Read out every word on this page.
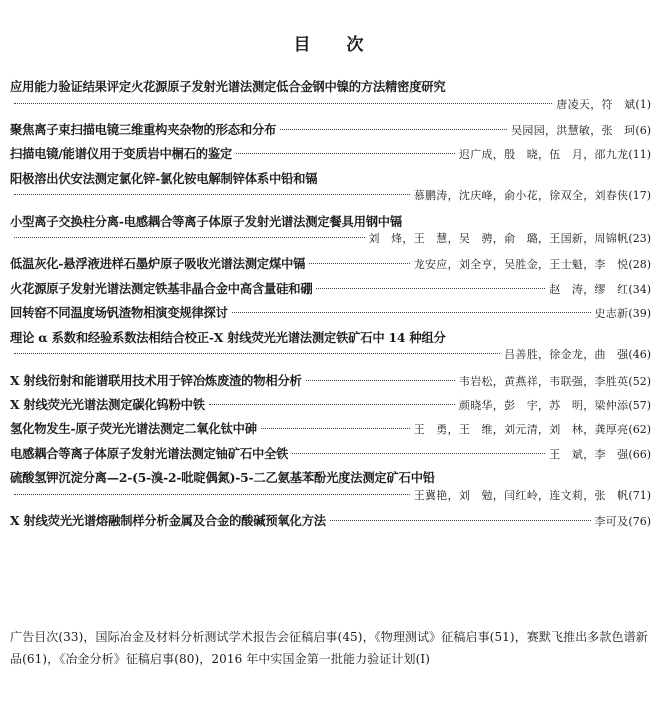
目 次
应用能力验证结果评定火花源原子发射光谱法测定低合金钢中镍的方法精密度研究
唐凌天，符　斌 (1)
聚焦离子束扫描电镜三维重构夹杂物的形态和分布	吴园园，洪慧敏，张　珂 (6)
扫描电镜/能谱仪用于变质岩中榍石的鉴定	迟广成，殷　晓，伍　月，邵九龙 (11)
阳极溶出伏安法测定氯化锌-氯化铵电解制锌体系中铅和镉
慕鹏涛，沈庆峰，俞小花，徐双全，刘春侠 (17)
小型离子交换柱分离-电感耦合等离子体原子发射光谱法测定餐具用钢中镉
刘　烽，王　慧，吴　骋，俞　璐，王国新，周锦帆 (23)
低温灰化-悬浮液进样石墨炉原子吸收光谱法测定煤中镉	龙安应，刘全亨，吴胜金，王士魁，李　悦 (28)
火花源原子发射光谱法测定铁基非晶合金中高含量硅和硼	赵　涛，缪　红 (34)
回转窑不同温度场钒渣物相演变规律探讨	史志新 (39)
理论 α 系数和经验系数法相结合校正-X 射线荧光光谱法测定铁矿石中 14 种组分
吕善胜，徐金龙，曲　强 (46)
X 射线衍射和能谱联用技术用于锌冶炼废渣的物相分析	韦岩松，黄燕祥，韦联强，李胜英 (52)
X 射线荧光光谱法测定碳化钨粉中铁	颜晓华，彭　宇，苏　明，梁仲添 (57)
氢化物发生-原子荧光光谱法测定二氧化钛中砷	王　勇，王　维，刘元清，刘　林，龚厚亮 (62)
电感耦合等离子体原子发射光谱法测定铀矿石中全铁	王　斌，李　强 (66)
硫酸氢钾沉淀分离—2-(5-溴-2-吡啶偶氮)-5-二乙氨基苯酚光度法测定矿石中铅
王冀艳，刘　勉，闫红岭，连文莉，张　帆 (71)
X 射线荧光光谱熔融制样分析金属及合金的酸碱预氧化方法	李可及 (76)
广告目次(33)，国际冶金及材料分析测试学术报告会征稿启事(45)，《物理测试》征稿启事(51)，赛默飞推出多款色谱新品(61)，《冶金分析》征稿启事(80)，2016 年中实国金第一批能力验证计划(Ⅰ)
